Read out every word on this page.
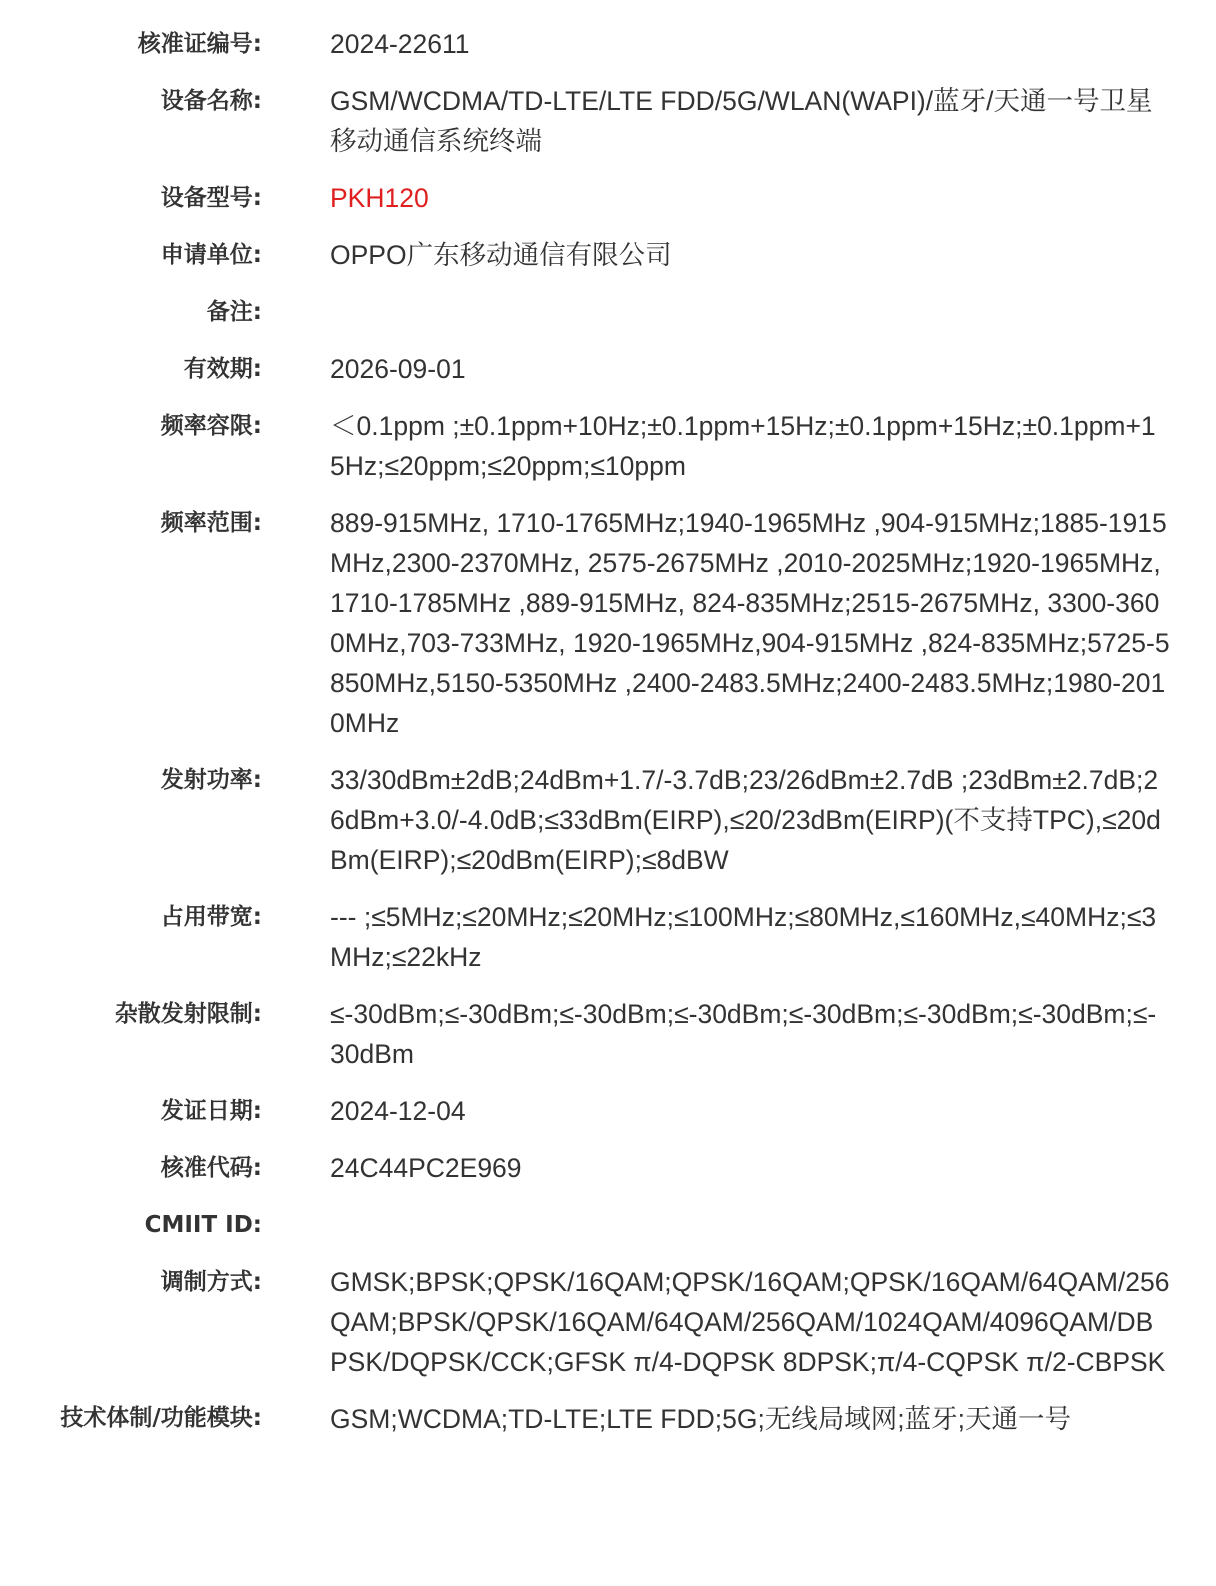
核准证编号:	2024-22611
设备名称:	GSM/WCDMA/TD-LTE/LTE FDD/5G/WLAN(WAPI)/蓝牙/天通一号卫星移动通信系统终端
设备型号:	PKH120
申请单位:	OPPO广东移动通信有限公司
备注:
有效期:	2026-09-01
频率容限:	＜0.1ppm ;±0.1ppm+10Hz;±0.1ppm+15Hz;±0.1ppm+15Hz;±0.1ppm+15Hz;≤20ppm;≤20ppm;≤10ppm
频率范围:	889-915MHz, 1710-1765MHz;1940-1965MHz ,904-915MHz;1885-1915MHz,2300-2370MHz, 2575-2675MHz ,2010-2025MHz;1920-1965MHz, 1710-1785MHz ,889-915MHz, 824-835MHz;2515-2675MHz, 3300-3600MHz,703-733MHz, 1920-1965MHz,904-915MHz ,824-835MHz;5725-5850MHz,5150-5350MHz ,2400-2483.5MHz;2400-2483.5MHz;1980-2010MHz
发射功率:	33/30dBm±2dB;24dBm+1.7/-3.7dB;23/26dBm±2.7dB ;23dBm±2.7dB;26dBm+3.0/-4.0dB;≤33dBm(EIRP),≤20/23dBm(EIRP)(不支持TPC),≤20dBm(EIRP);≤20dBm(EIRP);≤8dBW
占用带宽:	--- ;≤5MHz;≤20MHz;≤20MHz;≤100MHz;≤80MHz,≤160MHz,≤40MHz;≤3MHz;≤22kHz
杂散发射限制:	≤-30dBm;≤-30dBm;≤-30dBm;≤-30dBm;≤-30dBm;≤-30dBm;≤-30dBm;≤-30dBm
发证日期:	2024-12-04
核准代码:	24C44PC2E969
CMIIT ID:
调制方式:	GMSK;BPSK;QPSK/16QAM;QPSK/16QAM;QPSK/16QAM/64QAM/256QAM;BPSK/QPSK/16QAM/64QAM/256QAM/1024QAM/4096QAM/DBPSK/DQPSK/CCK;GFSK π/4-DQPSK 8DPSK;π/4-CQPSK π/2-CBPSK
技术体制/功能模块:	GSM;WCDMA;TD-LTE;LTE FDD;5G;无线局域网;蓝牙;天通一号
